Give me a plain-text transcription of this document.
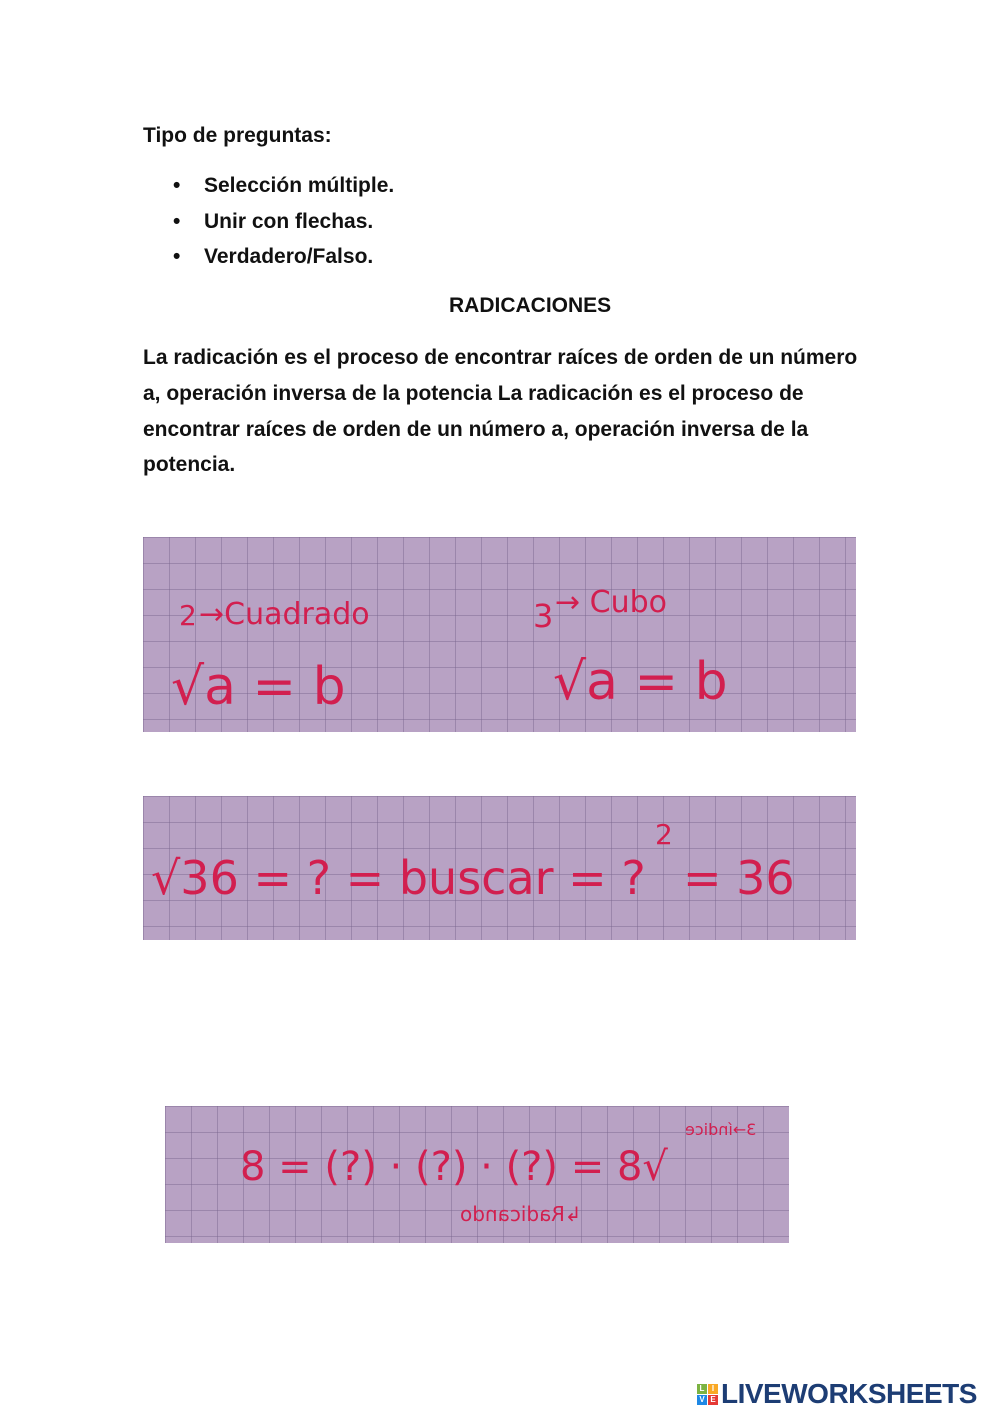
Tipo de preguntas:
• Selección múltiple.
• Unir con flechas.
• Verdadero/Falso.
RADICACIONES
La radicación es el proceso de encontrar raíces de orden de un número a, operación inversa de la potencia La radicación es el proceso de encontrar raíces de orden de un número a, operación inversa de la potencia.
2 →Cuadrado
√a = b
3 → Cubo
√a = b
√36 = ? = buscar = ?
2
= 36
8 = (?) · (?) · (?) = 8√
3→índice
↳Radicando
L I
V E LIVEWORKSHEETS
